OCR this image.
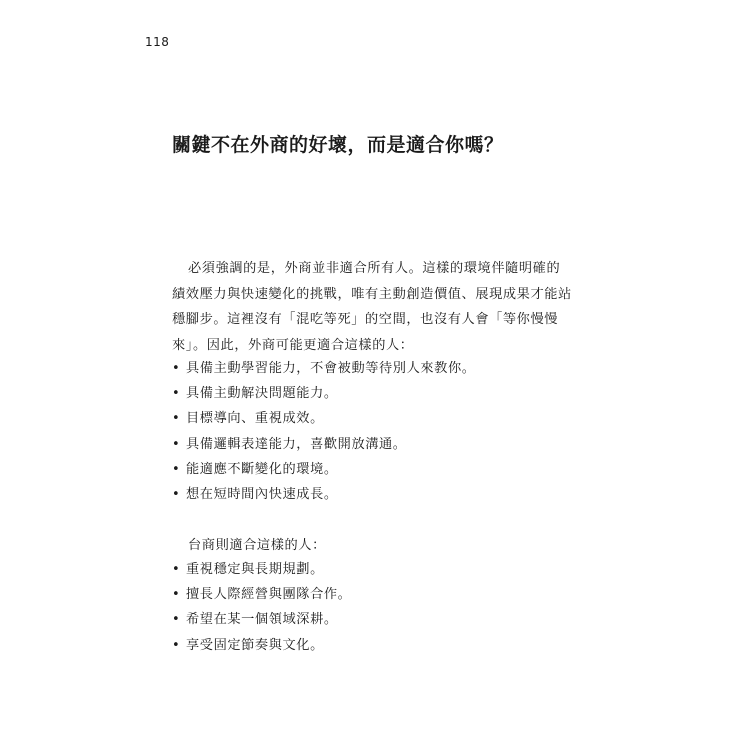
118
關鍵不在外商的好壞，而是適合你嗎？

必須強調的是，外商並非適合所有人。這樣的環境伴隨明確的績效壓力與快速變化的挑戰，唯有主動創造價值、展現成果才能站穩腳步。這裡沒有「混吃等死」的空間，也沒有人會「等你慢慢來」。因此，外商可能更適合這樣的人：

• 具備主動學習能力，不會被動等待別人來教你。
• 具備主動解決問題能力。
• 目標導向、重視成效。
• 具備邏輯表達能力，喜歡開放溝通。
• 能適應不斷變化的環境。
• 想在短時間內快速成長。

台商則適合這樣的人：

• 重視穩定與長期規劃。
• 擅長人際經營與團隊合作。
• 希望在某一個領域深耕。
• 享受固定節奏與文化。
